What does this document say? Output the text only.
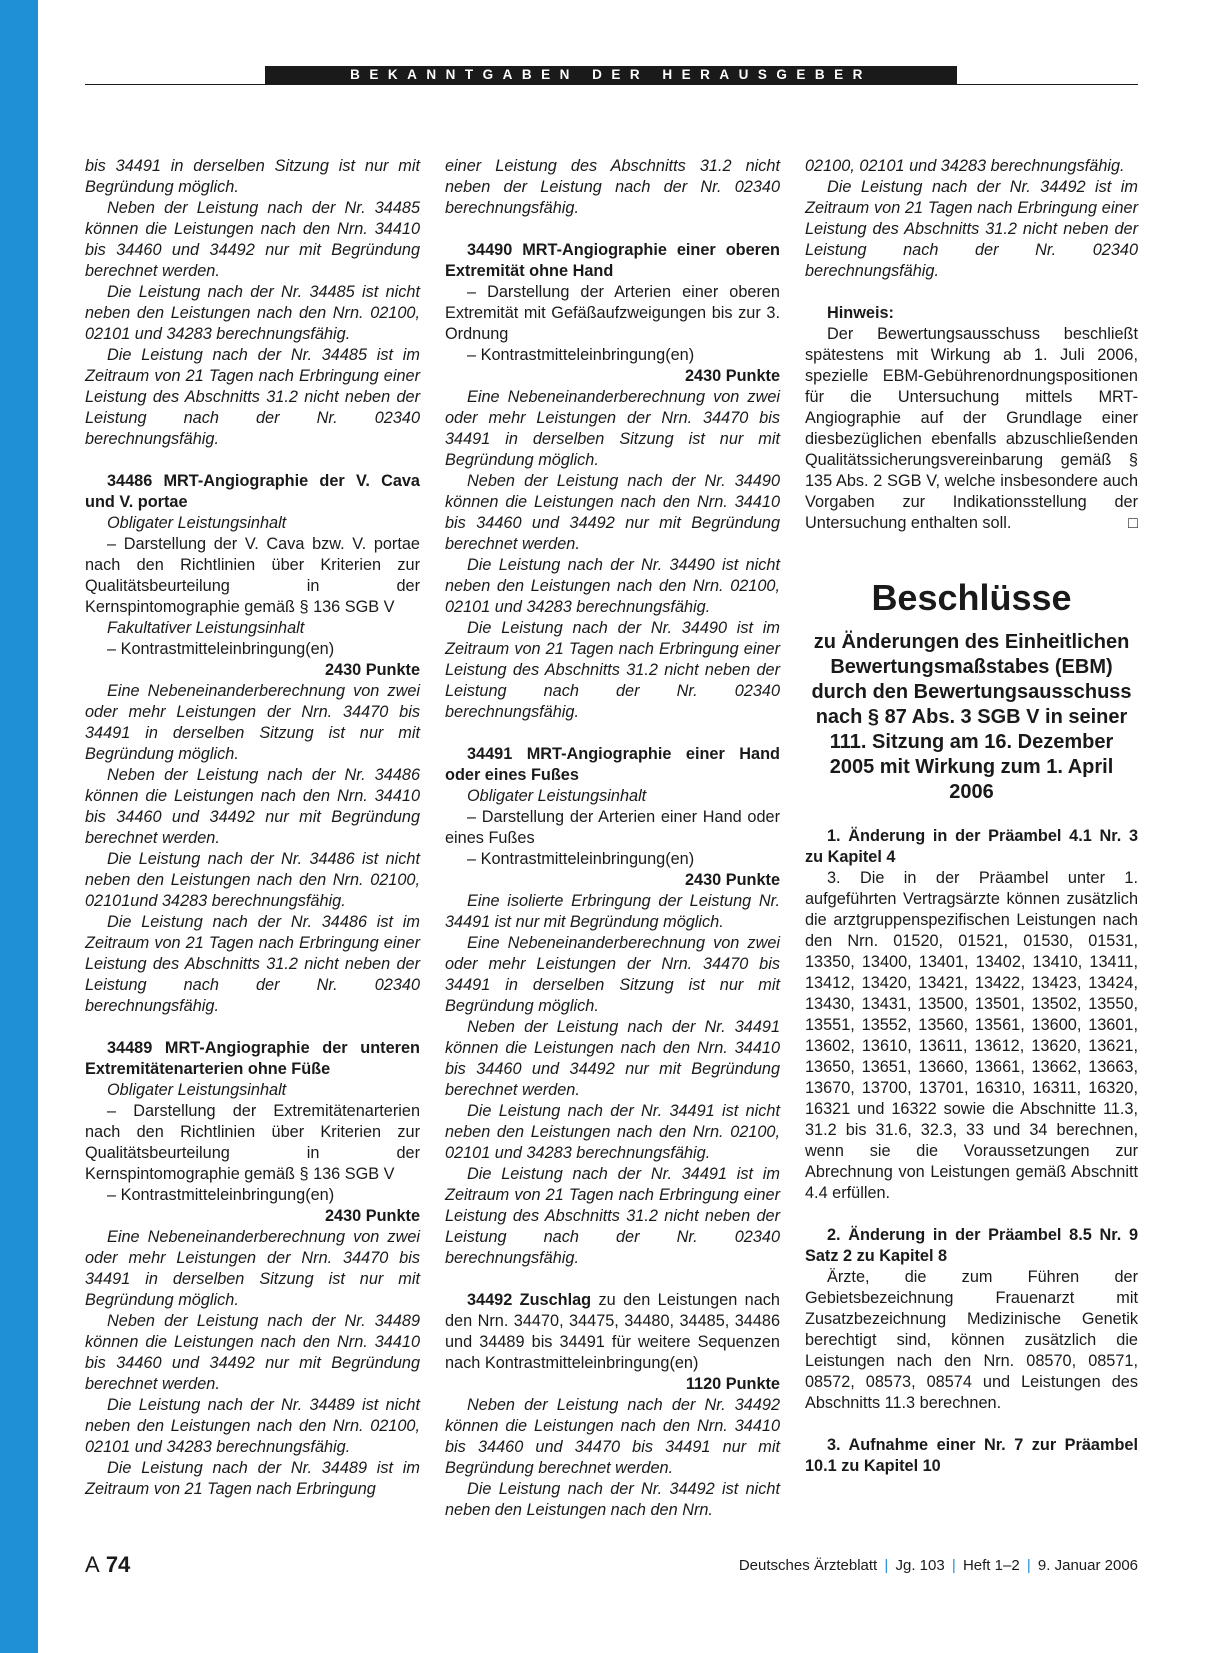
BEKANNTGABEN DER HERAUSGEBER

bis 34491 in derselben Sitzung ist nur mit Begründung möglich.

Neben der Leistung nach der Nr. 34485 können die Leistungen nach den Nrn. 34410 bis 34460 und 34492 nur mit Begründung berechnet werden.

Die Leistung nach der Nr. 34485 ist nicht neben den Leistungen nach den Nrn. 02100, 02101 und 34283 berechnungsfähig.

Die Leistung nach der Nr. 34485 ist im Zeitraum von 21 Tagen nach Erbringung einer Leistung des Abschnitts 31.2 nicht neben der Leistung nach der Nr. 02340 berechnungsfähig.

34486 MRT-Angiographie der V. Cava und V. portae

Obligater Leistungsinhalt

– Darstellung der V. Cava bzw. V. portae nach den Richtlinien über Kriterien zur Qualitätsbeurteilung in der Kernspintomographie gemäß § 136 SGB V

Fakultativer Leistungsinhalt

– Kontrastmitteleinbringung(en)

2430 Punkte

Eine Nebeneinanderberechnung von zwei oder mehr Leistungen der Nrn. 34470 bis 34491 in derselben Sitzung ist nur mit Begründung möglich.

Neben der Leistung nach der Nr. 34486 können die Leistungen nach den Nrn. 34410 bis 34460 und 34492 nur mit Begründung berechnet werden.

Die Leistung nach der Nr. 34486 ist nicht neben den Leistungen nach den Nrn. 02100, 02101und 34283 berechnungsfähig.

Die Leistung nach der Nr. 34486 ist im Zeitraum von 21 Tagen nach Erbringung einer Leistung des Abschnitts 31.2 nicht neben der Leistung nach der Nr. 02340 berechnungsfähig.

34489 MRT-Angiographie der unteren Extremitätenarterien ohne Füße

Obligater Leistungsinhalt

– Darstellung der Extremitätenarterien nach den Richtlinien über Kriterien zur Qualitätsbeurteilung in der Kernspintomographie gemäß § 136 SGB V

– Kontrastmitteleinbringung(en)

2430 Punkte

Eine Nebeneinanderberechnung von zwei oder mehr Leistungen der Nrn. 34470 bis 34491 in derselben Sitzung ist nur mit Begründung möglich.

Neben der Leistung nach der Nr. 34489 können die Leistungen nach den Nrn. 34410 bis 34460 und 34492 nur mit Begründung berechnet werden.

Die Leistung nach der Nr. 34489 ist nicht neben den Leistungen nach den Nrn. 02100, 02101 und 34283 berechnungsfähig.

Die Leistung nach der Nr. 34489 ist im Zeitraum von 21 Tagen nach Erbringung

einer Leistung des Abschnitts 31.2 nicht neben der Leistung nach der Nr. 02340 berechnungsfähig.

34490 MRT-Angiographie einer oberen Extremität ohne Hand

– Darstellung der Arterien einer oberen Extremität mit Gefäßaufzweigungen bis zur 3. Ordnung

– Kontrastmitteleinbringung(en)

2430 Punkte

Eine Nebeneinanderberechnung von zwei oder mehr Leistungen der Nrn. 34470 bis 34491 in derselben Sitzung ist nur mit Begründung möglich.

Neben der Leistung nach der Nr. 34490 können die Leistungen nach den Nrn. 34410 bis 34460 und 34492 nur mit Begründung berechnet werden.

Die Leistung nach der Nr. 34490 ist nicht neben den Leistungen nach den Nrn. 02100, 02101 und 34283 berechnungsfähig.

Die Leistung nach der Nr. 34490 ist im Zeitraum von 21 Tagen nach Erbringung einer Leistung des Abschnitts 31.2 nicht neben der Leistung nach der Nr. 02340 berechnungsfähig.

34491 MRT-Angiographie einer Hand oder eines Fußes

Obligater Leistungsinhalt

– Darstellung der Arterien einer Hand oder eines Fußes

– Kontrastmitteleinbringung(en)

2430 Punkte

Eine isolierte Erbringung der Leistung Nr. 34491 ist nur mit Begründung möglich.

Eine Nebeneinanderberechnung von zwei oder mehr Leistungen der Nrn. 34470 bis 34491 in derselben Sitzung ist nur mit Begründung möglich.

Neben der Leistung nach der Nr. 34491 können die Leistungen nach den Nrn. 34410 bis 34460 und 34492 nur mit Begründung berechnet werden.

Die Leistung nach der Nr. 34491 ist nicht neben den Leistungen nach den Nrn. 02100, 02101 und 34283 berechnungsfähig.

Die Leistung nach der Nr. 34491 ist im Zeitraum von 21 Tagen nach Erbringung einer Leistung des Abschnitts 31.2 nicht neben der Leistung nach der Nr. 02340 berechnungsfähig.

34492 Zuschlag zu den Leistungen nach den Nrn. 34470, 34475, 34480, 34485, 34486 und 34489 bis 34491 für weitere Sequenzen nach Kontrastmitteleinbringung(en)

1120 Punkte

Neben der Leistung nach der Nr. 34492 können die Leistungen nach den Nrn. 34410 bis 34460 und 34470 bis 34491 nur mit Begründung berechnet werden.

Die Leistung nach der Nr. 34492 ist nicht neben den Leistungen nach den Nrn.

02100, 02101 und 34283 berechnungsfähig.

Die Leistung nach der Nr. 34492 ist im Zeitraum von 21 Tagen nach Erbringung einer Leistung des Abschnitts 31.2 nicht neben der Leistung nach der Nr. 02340 berechnungsfähig.

Hinweis:

Der Bewertungsausschuss beschließt spätestens mit Wirkung ab 1. Juli 2006, spezielle EBM-Gebührenordnungspositionen für die Untersuchung mittels MRT-Angiographie auf der Grundlage einer diesbezüglichen ebenfalls abzuschließenden Qualitätssicherungsvereinbarung gemäß § 135 Abs. 2 SGB V, welche insbesondere auch Vorgaben zur Indikationsstellung der Untersuchung enthalten soll.	□

Beschlüsse
zu Änderungen des Einheitlichen Bewertungsmaßstabes (EBM) durch den Bewertungsausschuss nach § 87 Abs. 3 SGB V in seiner 111. Sitzung am 16. Dezember 2005 mit Wirkung zum 1. April 2006

1. Änderung in der Präambel 4.1 Nr. 3 zu Kapitel 4

3. Die in der Präambel unter 1. aufgeführten Vertragsärzte können zusätzlich die arztgruppenspezifischen Leistungen nach den Nrn. 01520, 01521, 01530, 01531, 13350, 13400, 13401, 13402, 13410, 13411, 13412, 13420, 13421, 13422, 13423, 13424, 13430, 13431, 13500, 13501, 13502, 13550, 13551, 13552, 13560, 13561, 13600, 13601, 13602, 13610, 13611, 13612, 13620, 13621, 13650, 13651, 13660, 13661, 13662, 13663, 13670, 13700, 13701, 16310, 16311, 16320, 16321 und 16322 sowie die Abschnitte 11.3, 31.2 bis 31.6, 32.3, 33 und 34 berechnen, wenn sie die Voraussetzungen zur Abrechnung von Leistungen gemäß Abschnitt 4.4 erfüllen.

2. Änderung in der Präambel 8.5 Nr. 9 Satz 2 zu Kapitel 8

Ärzte, die zum Führen der Gebietsbezeichnung Frauenarzt mit Zusatzbezeichnung Medizinische Genetik berechtigt sind, können zusätzlich die Leistungen nach den Nrn. 08570, 08571, 08572, 08573, 08574 und Leistungen des Abschnitts 11.3 berechnen.

3. Aufnahme einer Nr. 7 zur Präambel 10.1 zu Kapitel 10

A 74	Deutsches Ärzteblatt | Jg. 103 | Heft 1–2 | 9. Januar 2006
